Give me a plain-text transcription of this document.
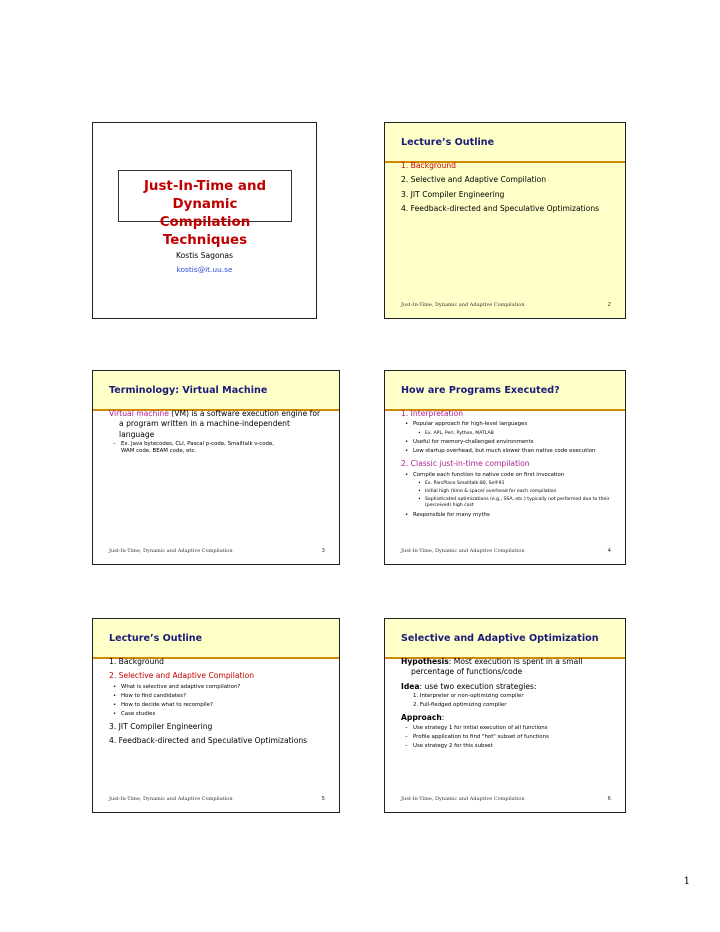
Just-In-Time and Dynamic
Compilation Techniques
Kostis Sagonas
kostis@it.uu.se
Lecture’s Outline
1. Background
2. Selective and Adaptive Compilation
3. JIT Compiler Engineering
4. Feedback-directed and Speculative Optimizations
Just-In-Time, Dynamic and Adaptive Compilation	2
Terminology: Virtual Machine
Virtual machine (VM) is a software execution engine for
a program written in a machine-independent language
– Ex. Java bytecodes, CLI, Pascal p-code, Smalltalk v-code,
WAM code, BEAM code, etc.
Just-In-Time, Dynamic and Adaptive Compilation	3
How are Programs Executed?
1. Interpretation
• Popular approach for high-level languages
• Ex. APL, Perl, Python, MATLAB
• Useful for memory-challenged environments
• Low startup overhead, but much slower than native code execution
2. Classic just-in-time compilation
• Compile each function to native code on first invocation
• Ex. ParcPlace Smalltalk-80, Self-91
• Initial high (time & space) overhead for each compilation
• Sophisticated optimizations (e.g., SSA, etc.) typically not performed due to their (perceived) high cost
• Responsible for many myths
Just-In-Time, Dynamic and Adaptive Compilation	4
Lecture’s Outline
1. Background
2. Selective and Adaptive Compilation
• What is selective and adaptive compilation?
• How to find candidates?
• How to decide what to recompile?
• Case studies
3. JIT Compiler Engineering
4. Feedback-directed and Speculative Optimizations
Just-In-Time, Dynamic and Adaptive Compilation	5
Selective and Adaptive Optimization
Hypothesis: Most execution is spent in a small
percentage of functions/code
Idea: use two execution strategies:
1. Interpreter or non-optimizing compiler
2. Full-fledged optimizing compiler
Approach:
– Use strategy 1 for initial execution of all functions
– Profile application to find "hot" subset of functions
– Use strategy 2 for this subset
Just-In-Time, Dynamic and Adaptive Compilation	6
1
